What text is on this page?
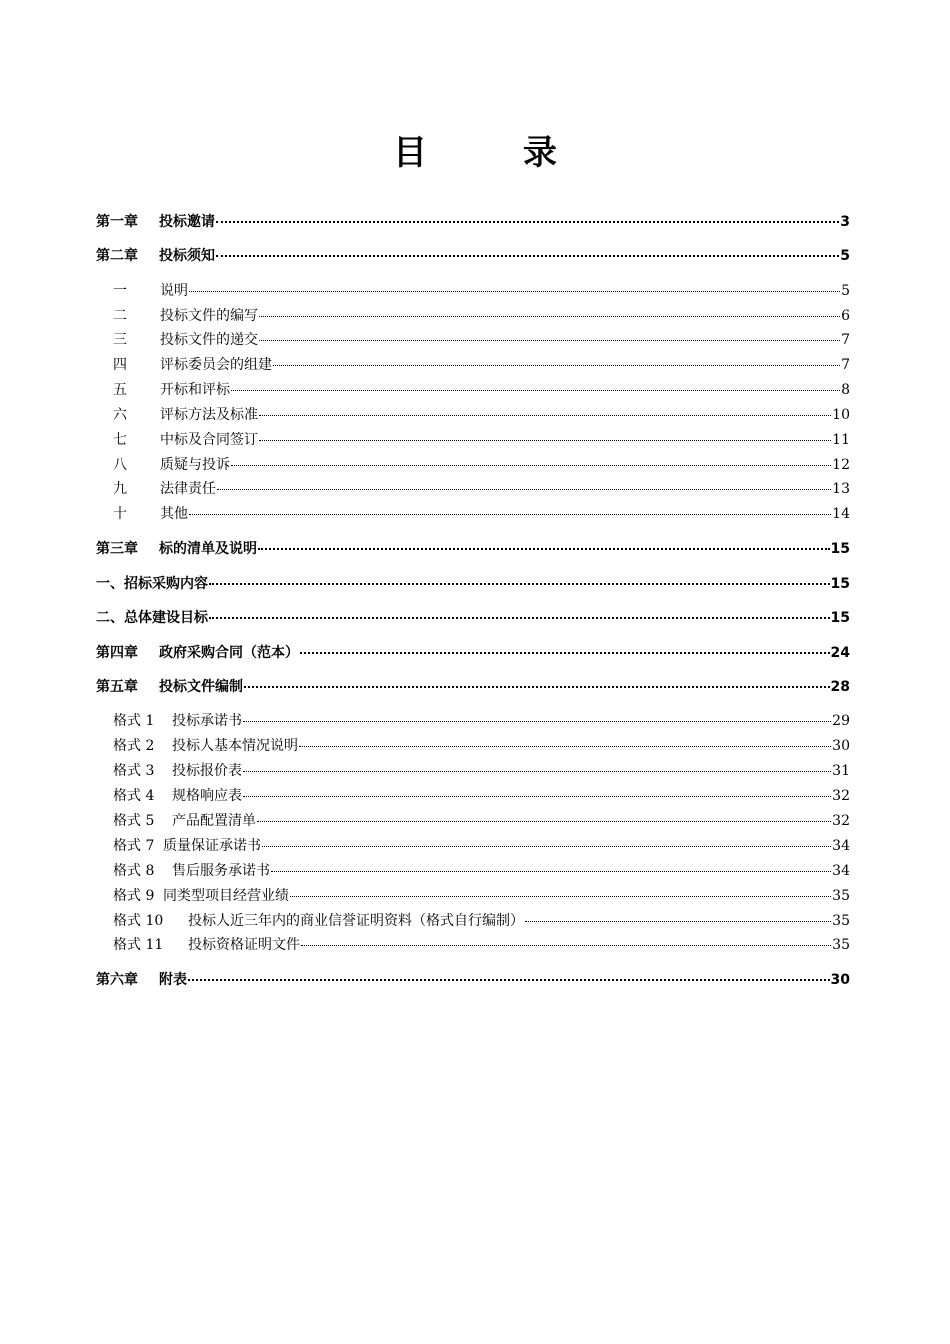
目	录
第一章	投标邀请	3
第二章	投标须知	5
一	说明	5
二	投标文件的编写	6
三	投标文件的递交	7
四	评标委员会的组建	7
五	开标和评标	8
六	评标方法及标准	10
七	中标及合同签订	11
八	质疑与投诉	12
九	法律责任	13
十	其他	14
第三章	标的清单及说明	15
一、招标采购内容	15
二、总体建设目标	15
第四章	政府采购合同（范本）	24
第五章	投标文件编制	28
格式 1	投标承诺书	29
格式 2	投标人基本情况说明	30
格式 3	投标报价表	31
格式 4	规格响应表	32
格式 5	产品配置清单	32
格式 7 质量保证承诺书	34
格式 8	售后服务承诺书	34
格式 9 同类型项目经营业绩	35
格式 10	投标人近三年内的商业信誉证明资料（格式自行编制）	35
格式 11	投标资格证明文件	35
第六章	附表	30
